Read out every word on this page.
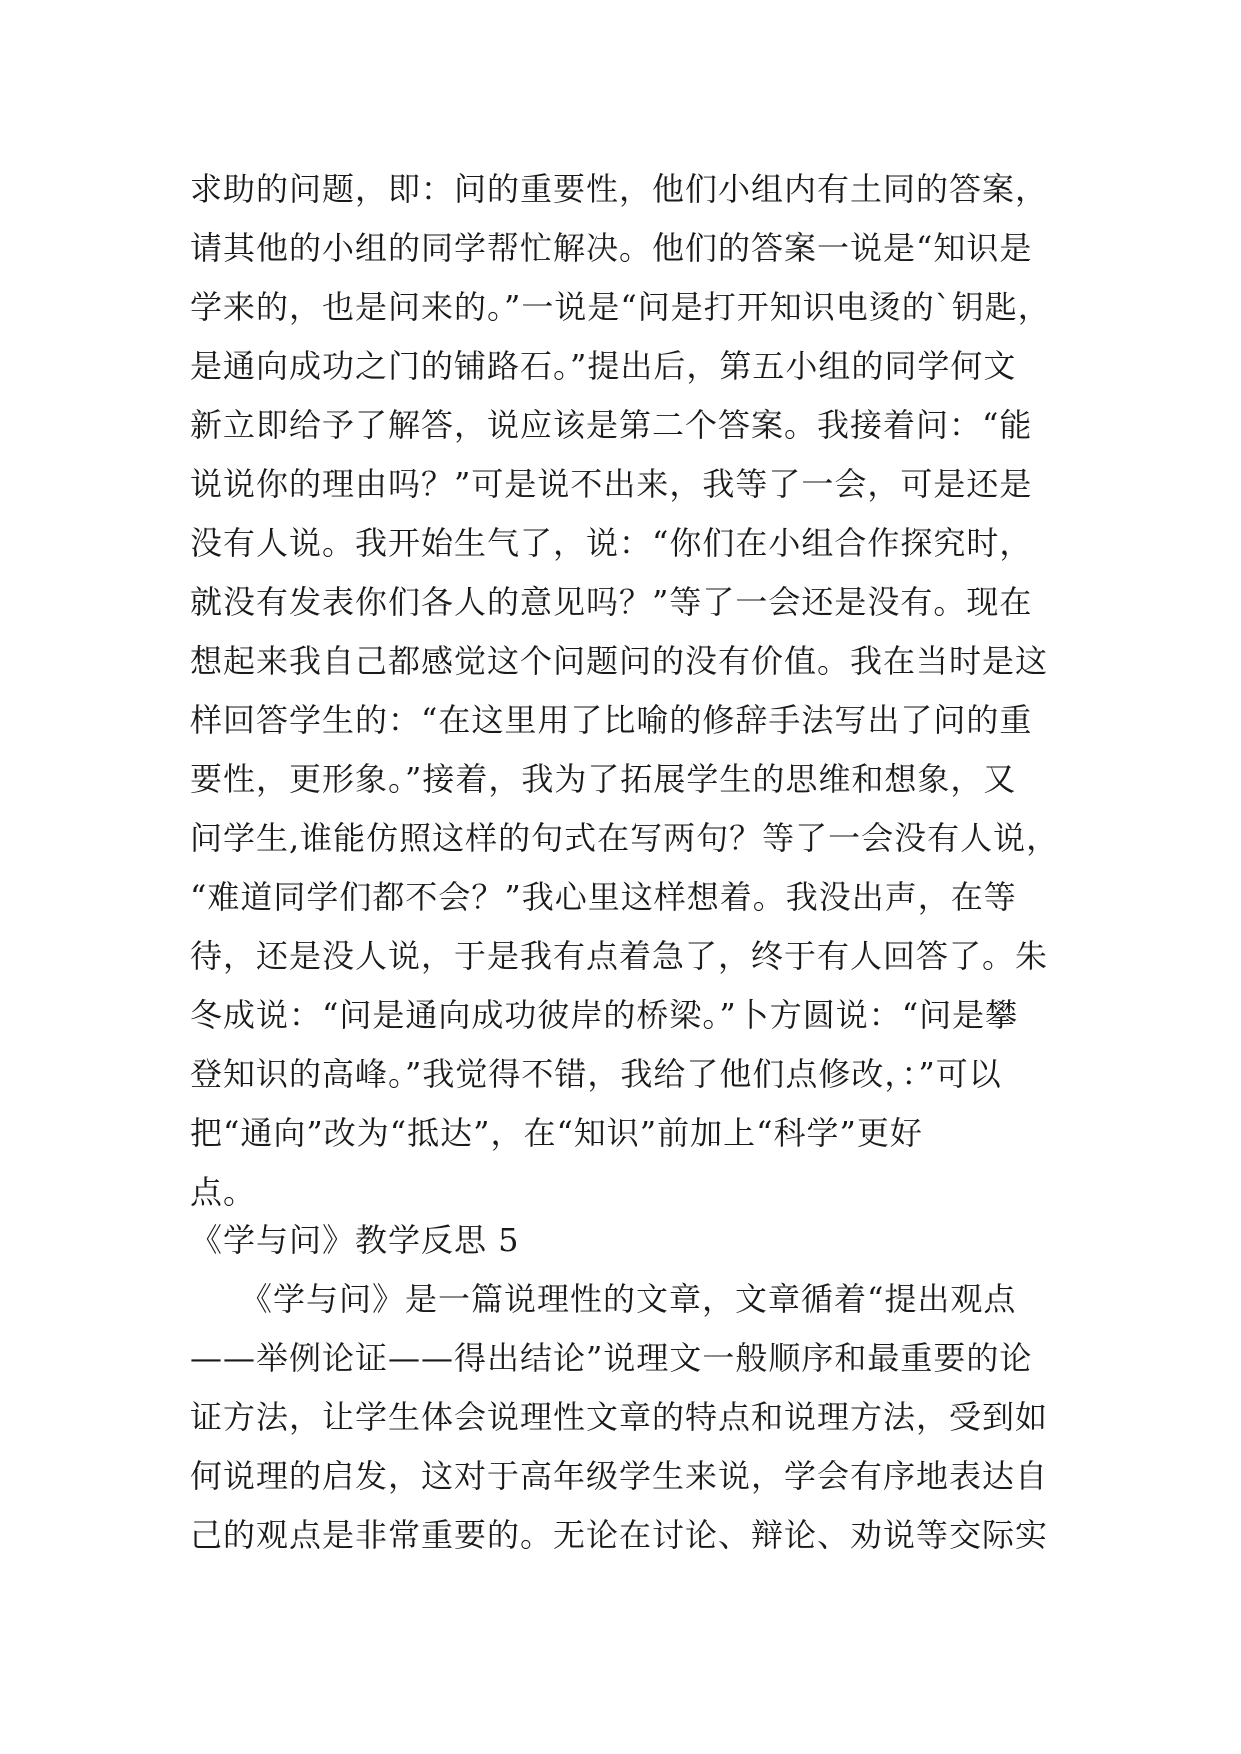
求助的问题，即：问的重要性，他们小组内有土同的答案，
请其他的小组的同学帮忙解决。他们的答案一说是“知识是
学来的，也是问来的。”一说是“问是打开知识电烫的`钥匙，
是通向成功之门的铺路石。”提出后，第五小组的同学何文
新立即给予了解答，说应该是第二个答案。我接着问：“能
说说你的理由吗？”可是说不出来，我等了一会，可是还是
没有人说。我开始生气了，说：“你们在小组合作探究时，
就没有发表你们各人的意见吗？”等了一会还是没有。现在
想起来我自己都感觉这个问题问的没有价值。我在当时是这
样回答学生的：“在这里用了比喻的修辞手法写出了问的重
要性，更形象。”接着，我为了拓展学生的思维和想象，又
问学生,谁能仿照这样的句式在写两句？等了一会没有人说，
“难道同学们都不会？”我心里这样想着。我没出声，在等
待，还是没人说，于是我有点着急了，终于有人回答了。朱
冬成说：“问是通向成功彼岸的桥梁。”卜方圆说：“问是攀
登知识的高峰。”我觉得不错，我给了他们点修改，：”可以
把“通向”改为“抵达”，在“知识”前加上“科学”更好
点。
《学与问》教学反思 5
　　《学与问》是一篇说理性的文章，文章循着“提出观点
——举例论证——得出结论”说理文一般顺序和最重要的论
证方法，让学生体会说理性文章的特点和说理方法，受到如
何说理的启发，这对于高年级学生来说，学会有序地表达自
己的观点是非常重要的。无论在讨论、辩论、劝说等交际实
